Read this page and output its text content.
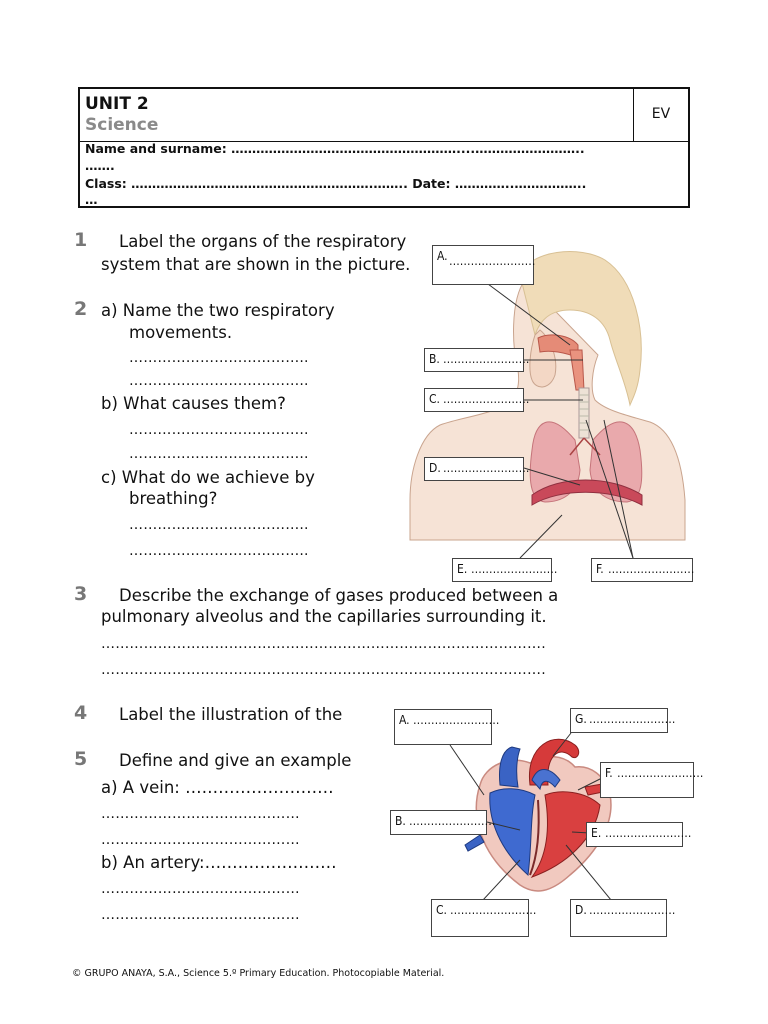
UNIT 2
Science
EV
Name and surname: ………………………………………………....……………………..
…….
Class: ………………………………………………….…….. Date: …………..……………..
…
1 Label the organs of the respiratory
system that are shown in the picture.
2 a) Name the two respiratory
movements.
………………………………..
………………………………..
b) What causes them?
………………………………..
………………………………..
c) What do we achieve by
breathing?
………………………………..
………………………………..
A. ……………………
B. ……………………
C. ……………………
D. ……………………
E. ……………………	F. ……………………
3 Describe the exchange of gases produced between a
pulmonary alveolus and the capillaries surrounding it.
………………………………………………………………………………….
………………………………………………………………………………….
4 Label the illustration of the
5 Define and give an example
a) A vein: ………………………
……………………………………
……………………………………
b) An artery:……………………
……………………………………
……………………………………
A. ……………………	G. ……………………
F. ……………………
B. ……………………
E. ……………………
C. ……………………	D. ……………………
© GRUPO ANAYA, S.A., Science 5.º Primary Education. Photocopiable Material.
